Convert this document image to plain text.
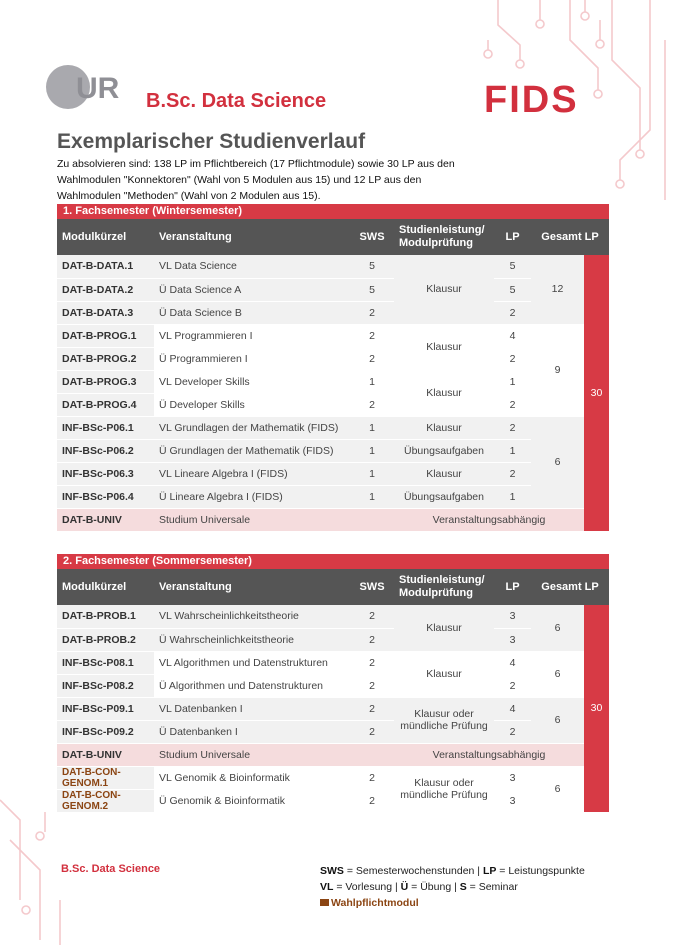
UR B.Sc. Data Science	FIDS
Exemplarischer Studienverlauf
Zu absolvieren sind: 138 LP im Pflichtbereich (17 Pflichtmodule) sowie 30 LP aus den Wahlmodulen "Konnektoren" (Wahl von 5 Modulen aus 15) und 12 LP aus den Wahlmodulen "Methoden" (Wahl von 2 Modulen aus 15).
1. Fachsemester (Wintersemester)
Modulkürzel	Veranstaltung	SWS	Studienleistung/ Modulprüfung	LP	Gesamt LP	
DAT-B-DATA.1	VL Data Science	5	Klausur	5	12	30
DAT-B-DATA.2	Ü Data Science A	5		5		
DAT-B-DATA.3	Ü Data Science B	2		2		
DAT-B-PROG.1	VL Programmieren I	2	Klausur	4	9	
DAT-B-PROG.2	Ü Programmieren I	2		2		
DAT-B-PROG.3	VL Developer Skills	1	Klausur	1		
DAT-B-PROG.4	Ü Developer Skills	2		2		
INF-BSc-P06.1	VL Grundlagen der Mathematik (FIDS)	1	Klausur	2	6	
INF-BSc-P06.2	Ü Grundlagen der Mathematik (FIDS)	1	Übungsaufgaben	1		
INF-BSc-P06.3	VL Lineare Algebra I (FIDS)	1	Klausur	2		
INF-BSc-P06.4	Ü Lineare Algebra I (FIDS)	1	Übungsaufgaben	1		
DAT-B-UNIV	Studium Universale		Veranstaltungsabhängig			
2. Fachsemester (Sommersemester)
Modulkürzel	Veranstaltung	SWS	Studienleistung/ Modulprüfung	LP	Gesamt LP	
DAT-B-PROB.1	VL Wahrscheinlichkeitstheorie	2	Klausur	3	6	30
DAT-B-PROB.2	Ü Wahrscheinlichkeitstheorie	2		3		
INF-BSc-P08.1	VL Algorithmen und Datenstrukturen	2	Klausur	4	6	
INF-BSc-P08.2	Ü Algorithmen und Datenstrukturen	2		2		
INF-BSc-P09.1	VL Datenbanken I	2	Klausur oder mündliche Prüfung	4	6	
INF-BSc-P09.2	Ü Datenbanken I	2		2		
DAT-B-UNIV	Studium Universale		Veranstaltungsabhängig			
DAT-B-CON-GENOM.1	VL Genomik & Bioinformatik	2	Klausur oder mündliche Prüfung	3	6	
DAT-B-CON-GENOM.2	Ü Genomik & Bioinformatik	2		3		
B.Sc. Data Science	SWS = Semesterwochenstunden | LP = Leistungspunkte
VL = Vorlesung | Ü = Übung | S = Seminar
Wahlpflichtmodul
